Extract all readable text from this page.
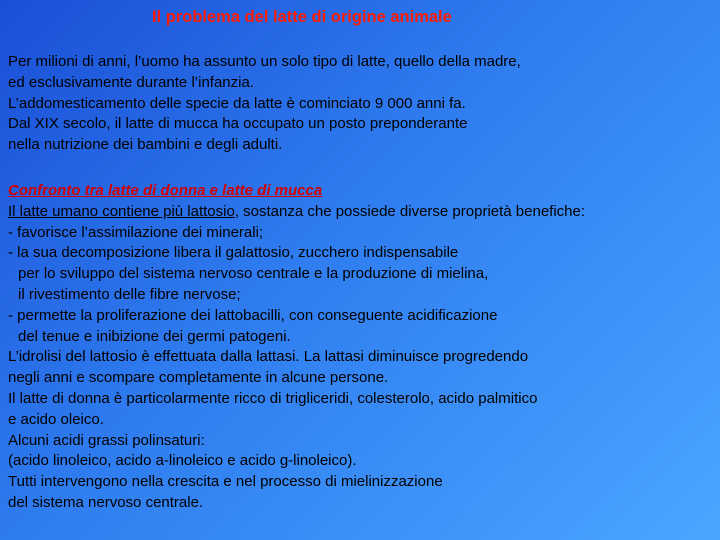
Il problema del latte di origine animale
Per milioni di anni, l’uomo ha assunto un solo tipo di latte, quello della madre,
ed esclusivamente durante l’infanzia.
L’addomesticamento delle specie da latte è cominciato 9 000 anni fa.
Dal XIX secolo, il latte di mucca ha occupato un posto preponderante
nella nutrizione dei bambini e degli adulti.
Confronto tra latte di donna e latte di mucca
Il latte umano contiene più lattosio, sostanza che possiede diverse proprietà benefiche:
- favorisce l’assimilazione dei minerali;
- la sua decomposizione libera il galattosio, zucchero indispensabile
per lo sviluppo del sistema nervoso centrale e la produzione di mielina,
il rivestimento delle fibre nervose;
- permette la proliferazione dei lattobacilli, con conseguente acidificazione
del tenue e inibizione dei germi patogeni.
L’idrolisi del lattosio è effettuata dalla lattasi. La lattasi diminuisce progredendo
negli anni e scompare completamente in alcune persone.
Il latte di donna è particolarmente ricco di trigliceridi, colesterolo, acido palmitico
e acido oleico.
Alcuni acidi grassi polinsaturi:
(acido linoleico, acido a-linoleico e acido g-linoleico).
Tutti intervengono nella crescita e nel processo di mielinizzazione
del sistema nervoso centrale.
